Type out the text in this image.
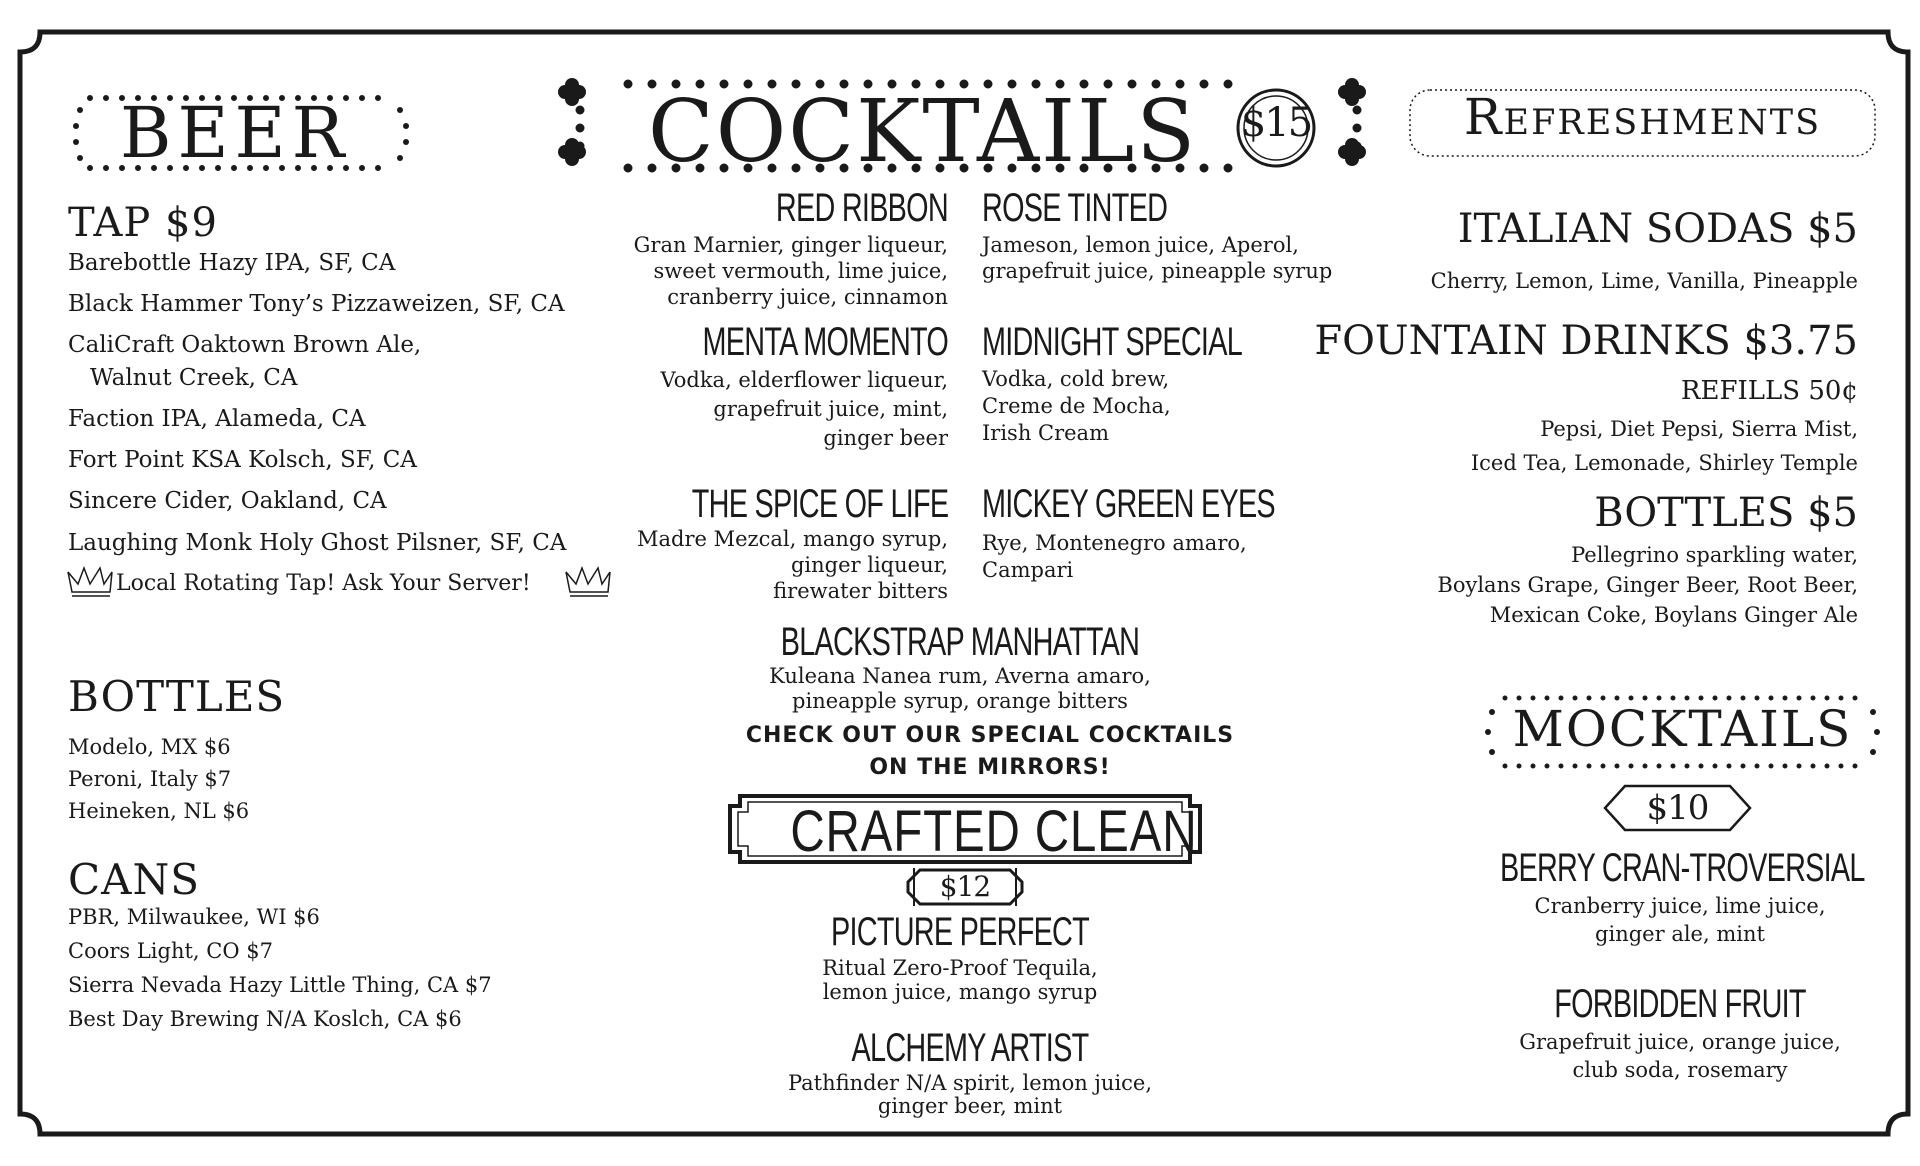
BEER
TAP $9
Barebottle Hazy IPA, SF, CA
Black Hammer Tony’s Pizzaweizen, SF, CA
CaliCraft Oaktown Brown Ale,
Walnut Creek, CA
Faction IPA, Alameda, CA
Fort Point KSA Kolsch, SF, CA
Sincere Cider, Oakland, CA
Laughing Monk Holy Ghost Pilsner, SF, CA
Local Rotating Tap! Ask Your Server!
BOTTLES
Modelo, MX $6
Peroni, Italy $7
Heineken, NL $6
CANS
PBR, Milwaukee, WI $6
Coors Light, CO $7
Sierra Nevada Hazy Little Thing, CA $7
Best Day Brewing N/A Koslch, CA $6
COCKTAILS $15
RED RIBBON
Gran Marnier, ginger liqueur,
sweet vermouth, lime juice,
cranberry juice, cinnamon
ROSE TINTED
Jameson, lemon juice, Aperol,
grapefruit juice, pineapple syrup
MENTA MOMENTO
Vodka, elderflower liqueur,
grapefruit juice, mint,
ginger beer
MIDNIGHT SPECIAL
Vodka, cold brew,
Creme de Mocha,
Irish Cream
THE SPICE OF LIFE
Madre Mezcal, mango syrup,
ginger liqueur,
firewater bitters
MICKEY GREEN EYES
Rye, Montenegro amaro,
Campari
BLACKSTRAP MANHATTAN
Kuleana Nanea rum, Averna amaro,
pineapple syrup, orange bitters
CHECK OUT OUR SPECIAL COCKTAILS
ON THE MIRRORS!
CRAFTED CLEAN
$12
PICTURE PERFECT
Ritual Zero-Proof Tequila,
lemon juice, mango syrup
ALCHEMY ARTIST
Pathfinder N/A spirit, lemon juice,
ginger beer, mint
Refreshments
ITALIAN SODAS $5
Cherry, Lemon, Lime, Vanilla, Pineapple
FOUNTAIN DRINKS $3.75
REFILLS 50¢
Pepsi, Diet Pepsi, Sierra Mist,
Iced Tea, Lemonade, Shirley Temple
BOTTLES $5
Pellegrino sparkling water,
Boylans Grape, Ginger Beer, Root Beer,
Mexican Coke, Boylans Ginger Ale
MOCKTAILS
$10
BERRY CRAN-TROVERSIAL
Cranberry juice, lime juice,
ginger ale, mint
FORBIDDEN FRUIT
Grapefruit juice, orange juice,
club soda, rosemary
